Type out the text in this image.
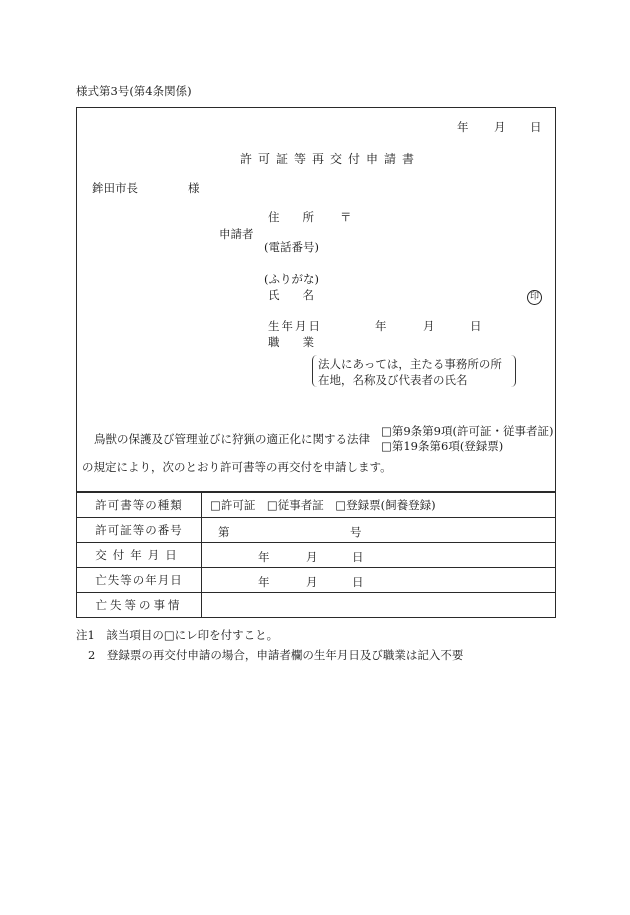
様式第3号(第4条関係)
年 月 日
許可証等再交付申請書
鉾田市長	様
申請者
住　　所 〒
(電話番号)
(ふりがな)
氏　　名	印
生年月日	年	月	日
職　　業
法人にあっては，主たる事務所の所
在地，名称及び代表者の氏名
鳥獣の保護及び管理並びに狩猟の適正化に関する法律
□第9条第9項(許可証・従事者証)
□第19条第6項(登録票)
の規定により，次のとおり許可書等の再交付を申請します。
許可書等の種類	□許可証　□従事者証　□登録票(飼養登録)
許可証等の番号	第 号

交付年月日	年 月 日

亡失等の年月日	年 月 日

亡失等の事情	
注1　該当項目の□にレ印を付すこと。
2　登録票の再交付申請の場合，申請者欄の生年月日及び職業は記入不要
